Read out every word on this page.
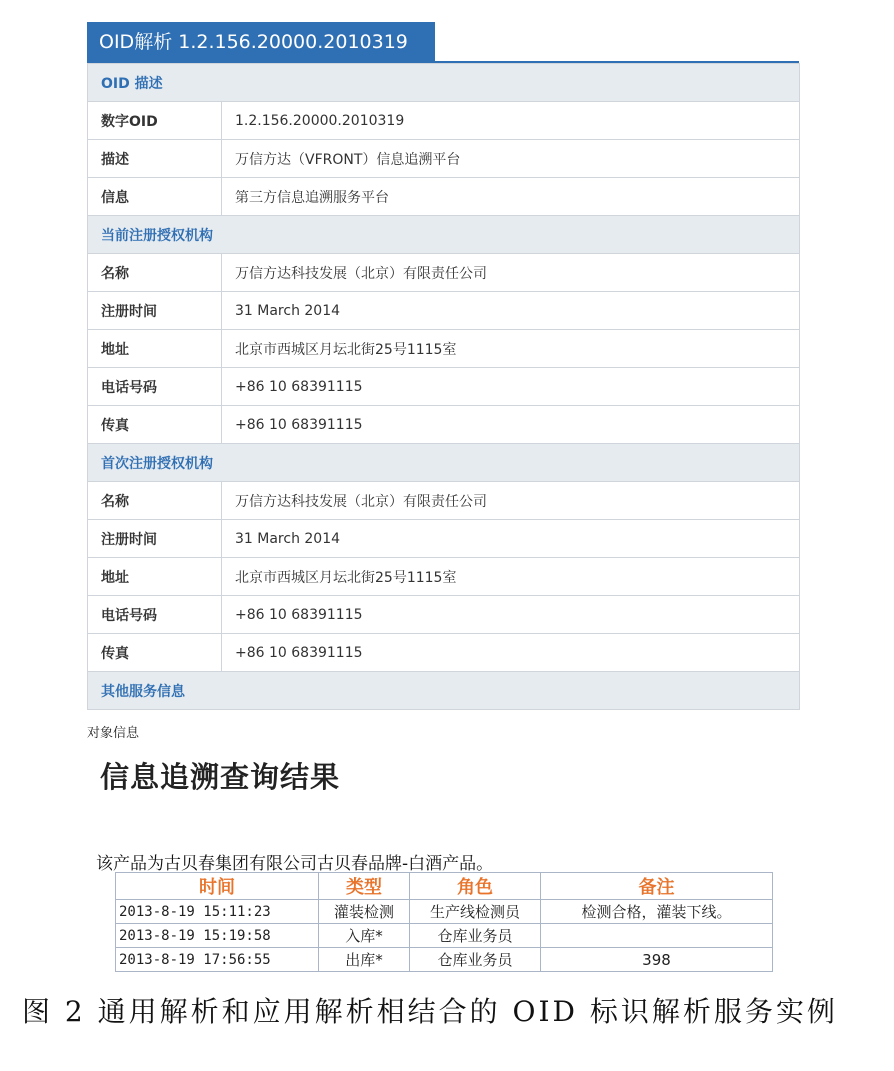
OID解析 1.2.156.20000.2010319
OID 描述	
数字OID	1.2.156.20000.2010319
描述	万信方达（VFRONT）信息追溯平台
信息	第三方信息追溯服务平台
当前注册授权机构	
名称	万信方达科技发展（北京）有限责任公司
注册时间	31 March 2014
地址	北京市西城区月坛北街25号1115室
电话号码	+86 10 68391115
传真	+86 10 68391115
首次注册授权机构	
名称	万信方达科技发展（北京）有限责任公司
注册时间	31 March 2014
地址	北京市西城区月坛北街25号1115室
电话号码	+86 10 68391115
传真	+86 10 68391115
其他服务信息	
对象信息
信息追溯查询结果
该产品为古贝春集团有限公司古贝春品牌-白酒产品。
时间	类型	角色	备注
2013-8-19 15:11:23	灌装检测	生产线检测员	检测合格，灌装下线。
2013-8-19 15:19:58	入库*	仓库业务员	
2013-8-19 17:56:55	出库*	仓库业务员	398
图 2 通用解析和应用解析相结合的 OID 标识解析服务实例
